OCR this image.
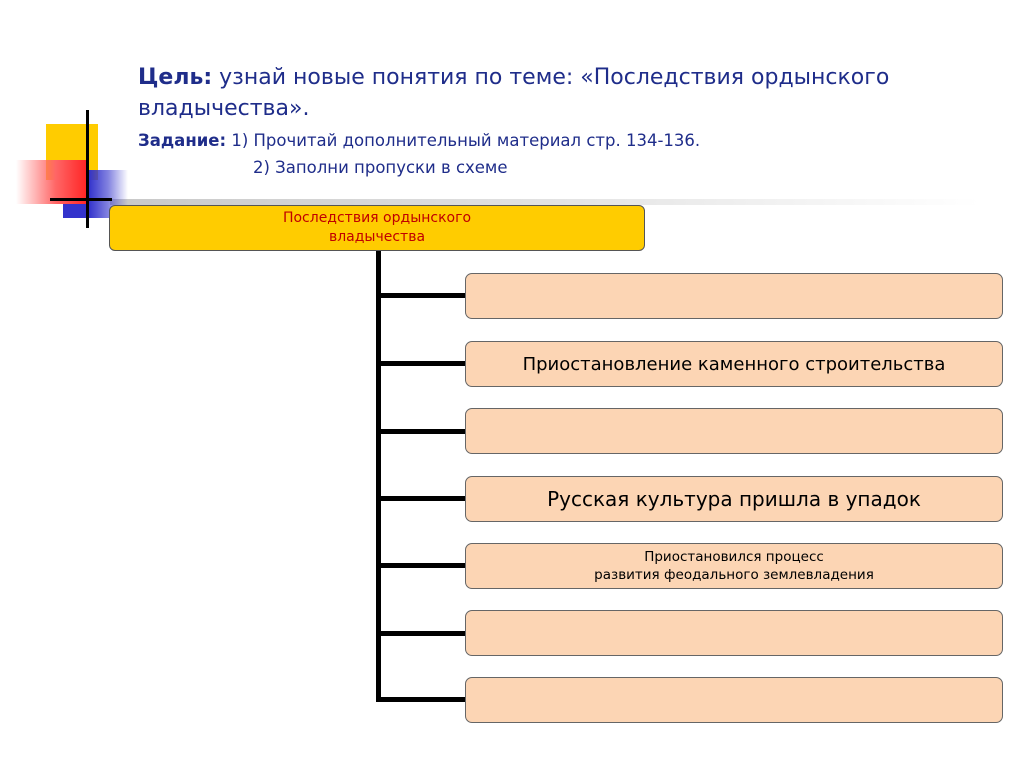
Цель: узнай новые понятия по теме: «Последствия ордынского владычества».
Задание: 1) Прочитай дополнительный материал стр. 134-136.
2) Заполни пропуски в схеме
Последствия ордынского
владычества
Приостановление каменного строительства
Русская культура пришла в упадок
Приостановился процесс
развития феодального землевладения
